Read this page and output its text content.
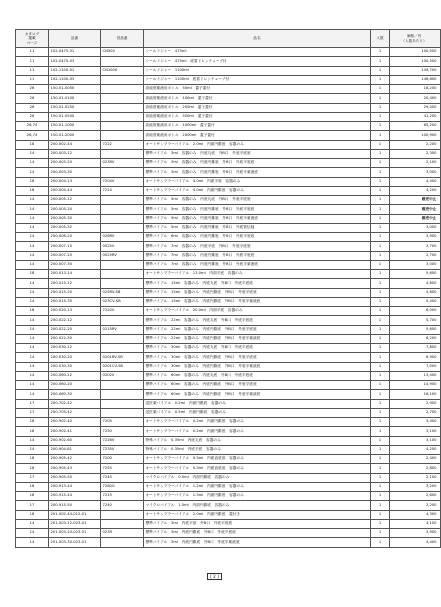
カタログ
掲載
ページ	品番	旧品番	品名	入数	価格／円
（入数あたり）
11	102-0475-01	CN500	シールドジャー　475ml	1	100,500
11	102-0475-03		シールドジャー　475ml　底着ドレンチューブ付	1	100,500
11	102-1100-01	CN1000	シールドジャー　1100ml	1	149,700
11	102-1100-03		シールドジャー　1100ml　底着ドレンチューブ付	1	146,800
26	150-01-0050		高純度薬液用ボトル　50ml　蓋子蓋付	1	18,200
26	150-01-0100		高純度薬液用ボトル　100ml　蓋子蓋付	1	20,400
26	150-01-0250		高純度薬液用ボトル　250ml　蓋子蓋付	1	29,400
26	150-01-0500		高純度薬液用ボトル　500ml　蓋子蓋付	1	41,200
26,74	150-01-1000		高純度薬液用ボトル　1000ml　蓋子蓋付	1	65,200
26,74	150-01-2000		高純度薬液用ボトル　2000ml　蓋子蓋付	1	100,900
18	200-002-44	7222	オートサンプラーバイアル　2.0ml　内面円錐底　容器のみ	1	2,200
14	200-003-12		標準バイアル　3ml　容器のみ　内底丸底　外B口　外底平底底	1	2,300
14	200-003-20	023RV	標準バイアル　3ml　容器のみ　内底円錐底　外B口　外底平底底	1	2,100
14	200-003-30		標準バイアル　3ml　容器のみ　内底円錐底　外B口　外底半薬液底	1	3,000
18	200-004-13	7204V	オートサンプラーバイアル　4.0ml　内面平底　容器のみ	1	4,400
18	200-004-44	7224	オートサンプラーバイアル　4.0ml　内面円錐底　容器のみ	1	4,200
14	200-005-12		標準バイアル　5ml　容器のみ　内底丸底　外B口　外底平底底	1	販売中止
14	200-005-20		標準バイアル　5ml　容器のみ　内底円錐底　外B口　外底平底底	1	販売中止
14	200-005-30		標準バイアル　5ml　容器のみ　内底円錐底　外B口　外底半薬液底	1	販売中止
14	200-005-32		標準バイアル　5ml　容器のみ　内底円錐底　外B口　外底質伝録	1	3,000
14	200-006-20	026RV	標準バイアル　6ml　容器のみ　内底円錐底　外B口　外底平底底	1	3,900
14	200-007-10	0025V	標準バイアル　7ml　容器のみ　内底平底　外B口　外底平底底	1	2,700
14	200-007-20	0025RV	標準バイアル　7ml　容器のみ　内底円錐底　外B口　外底平底底	1	2,700
14	200-007-30		標準バイアル　7ml　容器のみ　内底円錐底　外B口　外底半薬液底	1	3,000
18	200-013-14		オートサンプラーバイアル　13.0ml　内面平底　容器のみ	1	5,600
14	200-015-12		標準バイアル　15ml　容器のみ　内底丸底　外B口　外底平底底	1	4,800
14	200-015-20	025RV-SB	標準バイアル　15ml　容器のみ　内底円錐底　外B口　外底平底底	1	4,800
14	200-015-30	023CV-SB	標準バイアル　15ml　容器のみ　内底円錐底　外B口　外底半薬液底	1	5,400
18	200-020-13	7220V	オートサンプラーバイアル　20.0ml　内面平底　容器のみ	1	6,000
14	200-022-12		標準バイアル　22ml　容器のみ　内底丸底　外B口　外底平底底	1	5,700
14	200-022-20	0215RV	標準バイアル　22ml　容器のみ　内底円錐底　外B口　外底平底底	1	5,600
14	200-022-30		標準バイアル　22ml　容器のみ　内底円錐底　外B口　外底半薬液底	1	6,200
14	200-030-12		標準バイアル　30ml　容器のみ　内底丸底　外B口　外底平底底	1	7,800
14	200-030-20	0201RV-SB	標準バイアル　30ml　容器のみ　内底円錐底　外B口　外底平底底	1	6,900
14	200-030-30	0201CV-SB	標準バイアル　30ml　容器のみ　内底円錐底　外B口　外底半薬液底	1	7,000
14	200-060-12	0202V	標準バイアル　60ml　容器のみ　内底丸底　外B口　外底平底底	1	13,400
14	200-060-20		標準バイアル　60ml　容器のみ　内底円錐底　外B口　外底平底底	1	14,900
14	200-060-30		標準バイアル　60ml　容器のみ　内底円錐底　外B口　外底半薬液底	1	16,100
17	200-702-42		送医薬バイアル　0.2ml　内面円錐底　容器のみ	1	2,900
17	200-705-42		送医薬バイアル　0.5ml　内面円錐底　容器のみ	1	2,700
18	200-902-40	7205	オートサンプラーバイアル　0.2ml　内面円錐底　容器のみ	1	3,400
18	200-902-41	7250	オートサンプラーバイアル　0.2ml　内面円錐底　容器のみ	1	3,100
14	200-902-60	7226V	特殊バイアル　0.35ml　内底丸底　容器のみ	1	3,100
14	200-904-61	7235V	特殊バイアル　0.35ml　内底平底　容器のみ	1	4,200
18	200-905-42	7200	オートサンプラーバイアル　0.5ml　内面直底底　容器のみ	1	2,400
18	200-905-43	7255	オートサンプラーバイアル　0.5ml　内面直底底　容器のみ	1	2,800
17	200-905-50	7245	マイクロバイアル　0.5ml　内面円錐底　容器のみ	1	2,100
18	200-913-44	7260G	オートサンプラーバイアル　1.2ml　内面円錐底　容器のみ	1	3,200
18	200-915-44	7215	オートサンプラーバイアル　1.5ml　内面円錐底　容器のみ	1	2,600
17	200-915-50	7240	マイクロバイアル　1.5ml　内面円錐底　容器のみ	1	2,200
18	201-002-44-012-01		オートサンプラーバイアル　2.0ml　内面円錐底　蓋付き	1	4,300
14	201-003-12-023-01		標準バイアル　3ml　内底平底　外B口　外底平底底	1	4,100
14	201-003-20-023-01	023R	標準バイアル　3ml　内底円錐底　外B口　外底平底底	1	3,900
14	201-003-30-023-01		標準バイアル　3ml　内底円錐底　外B口　外底半薬液底	1	4,400
[ 2 ]
